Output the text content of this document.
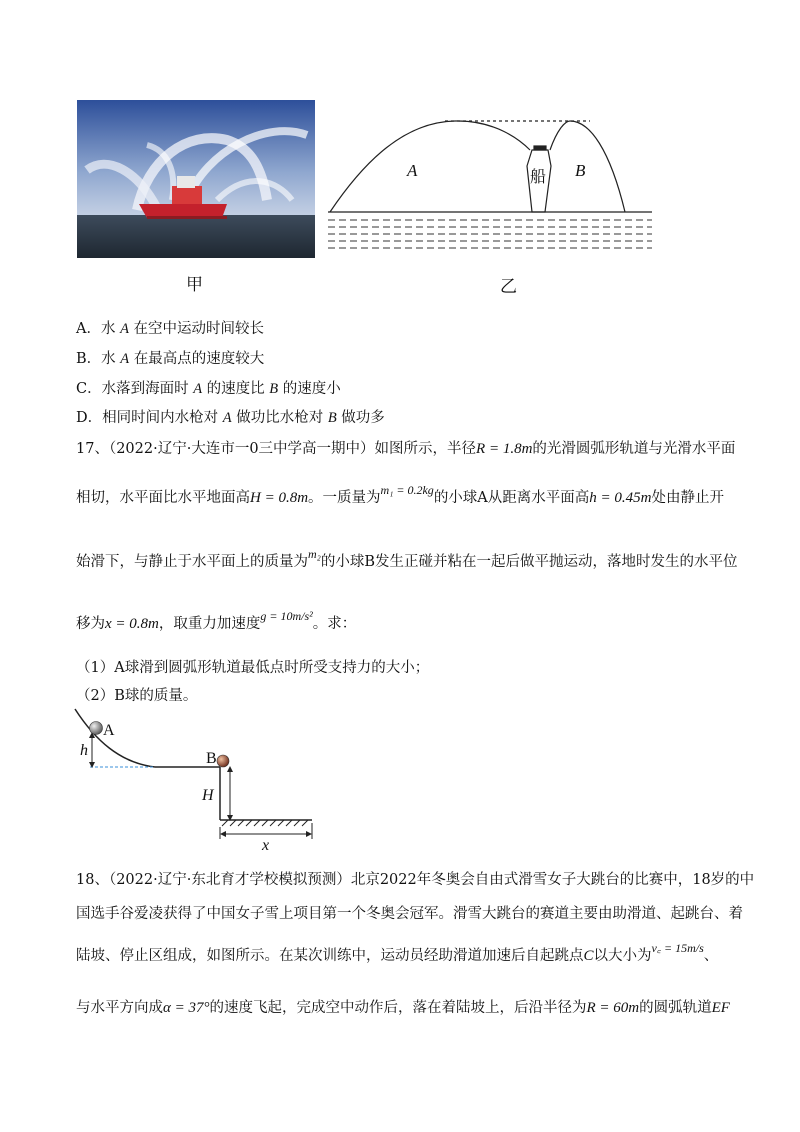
A	B
船
甲	乙
A．水 A 在空中运动时间较长
B．水 A 在最高点的速度较大
C．水落到海面时 A 的速度比 B 的速度小
D．相同时间内水枪对 A 做功比水枪对 B 做功多
17、（2022·辽宁·大连市一0三中学高一期中）如图所示，半径R = 1.8m的光滑圆弧形轨道与光滑水平面
相切，水平面比水平地面高H = 0.8m。一质量为$^{m_1 = 0.2kg}$的小球A从距离水平面高h = 0.45m处由静止开
始滑下，与静止于水平面上的质量为$^{m_2}$的小球B发生正碰并粘在一起后做平抛运动，落地时发生的水平位
移为x = 0.8m，取重力加速度$^{g = 10m/s^2}$。求：
（1）A球滑到圆弧形轨道最低点时所受支持力的大小；
（2）B球的质量。
A
B
h
H
x
18、（2022·辽宁·东北育才学校模拟预测）北京2022年冬奥会自由式滑雪女子大跳台的比赛中，18岁的中
国选手谷爱凌获得了中国女子雪上项目第一个冬奥会冠军。滑雪大跳台的赛道主要由助滑道、起跳台、着
陆坡、停止区组成，如图所示。在某次训练中，运动员经助滑道加速后自起跳点C以大小为$^{v꜀ = 15m/s}$、
与水平方向成α = 37°的速度飞起，完成空中动作后，落在着陆坡上，后沿半径为R = 60m的圆弧轨道EF
